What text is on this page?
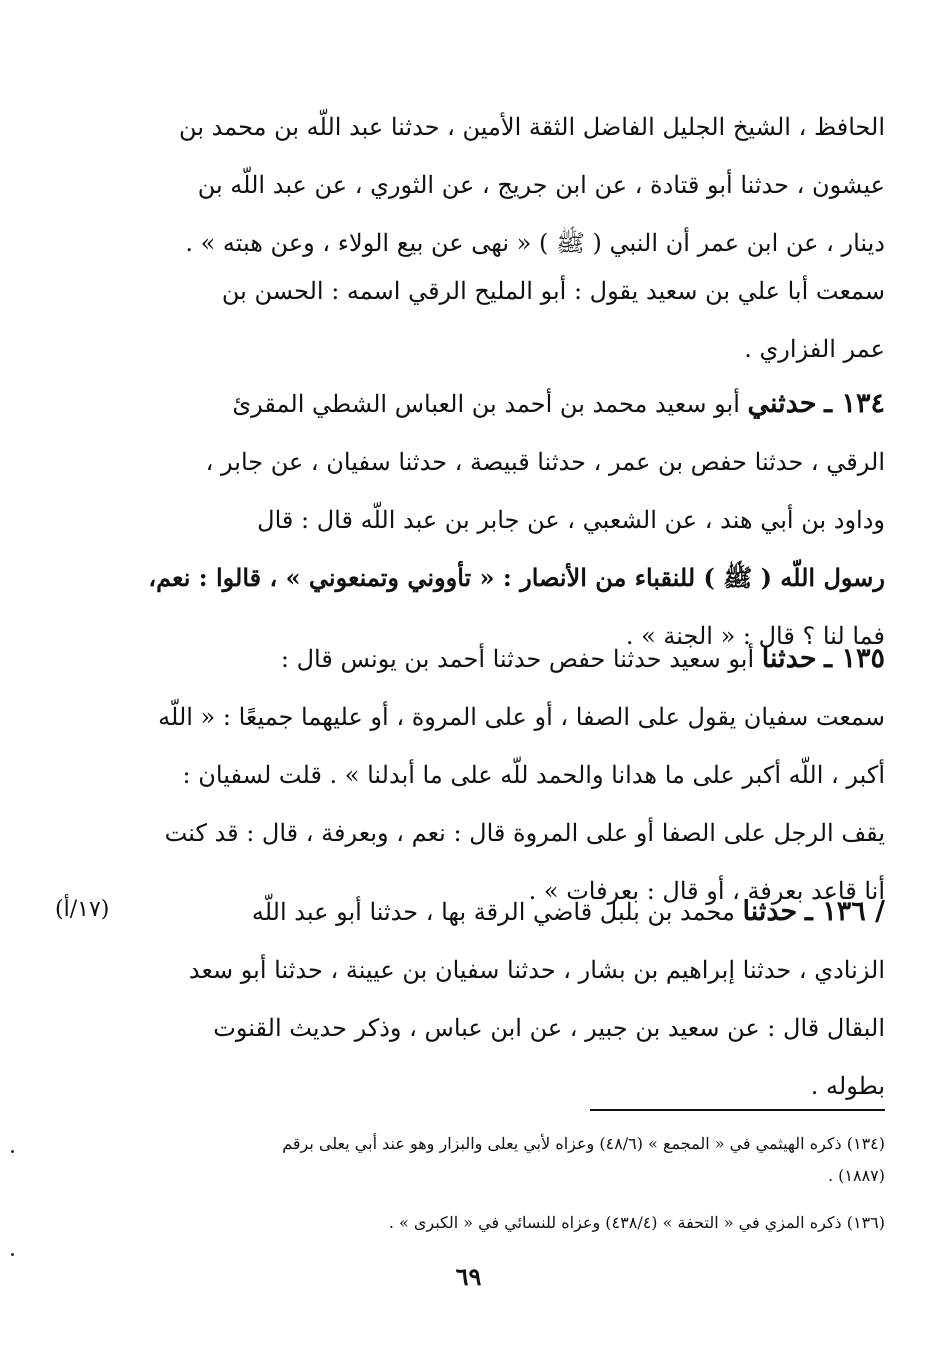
الحافظ ، الشيخ الجليل الفاضل الثقة الأمين ، حدثنا عبد اللّه بن محمد بن
عيشون ، حدثنا أبو قتادة ، عن ابن جريج ، عن الثوري ، عن عبد اللّه بن
دينار ، عن ابن عمر أن النبي ( ﷺ ) « نهى عن بيع الولاء ، وعن هبته » .
سمعت أبا علي بن سعيد يقول : أبو المليح الرقي اسمه : الحسن بن
عمر الفزاري .
١٣٤ ـ حدثني أبو سعيد محمد بن أحمد بن العباس الشطي المقرئ
الرقي ، حدثنا حفص بن عمر ، حدثنا قبيصة ، حدثنا سفيان ، عن جابر ،
وداود بن أبي هند ، عن الشعبي ، عن جابر بن عبد اللّه قال : قال
رسول اللّه ( ﷺ ) للنقباء من الأنصار : « تأووني وتمنعوني » ، قالوا : نعم،
فما لنا ؟ قال : « الجنة » .
١٣٥ ـ حدثنا أبو سعيد حدثنا حفص حدثنا أحمد بن يونس قال :
سمعت سفيان يقول على الصفا ، أو على المروة ، أو عليهما جميعًا : « اللّه
أكبر ، اللّه أكبر على ما هدانا والحمد للّه على ما أبدلنا » . قلت لسفيان :
يقف الرجل على الصفا أو على المروة قال : نعم ، وبعرفة ، قال : قد كنت
أنا قاعد بعرفة ، أو قال : بعرفات » .
/ ١٣٦ ـ حدثنا محمد بن بلبل قاضي الرقة بها ، حدثنا أبو عبد اللّه
الزنادي ، حدثنا إبراهيم بن بشار ، حدثنا سفيان بن عيينة ، حدثنا أبو سعد
البقال قال : عن سعيد بن جبير ، عن ابن عباس ، وذكر حديث القنوت
بطوله .
(١٧/أ)
(١٣٤) ذكره الهيثمي في « المجمع » (٤٨/٦) وعزاه لأبي يعلى والبزار وهو عند أبي يعلى برقم
(١٨٨٧) .
(١٣٦) ذكره المزي في « التحفة » (٤٣٨/٤) وعزاه للنسائي في « الكبرى » .
٦٩
